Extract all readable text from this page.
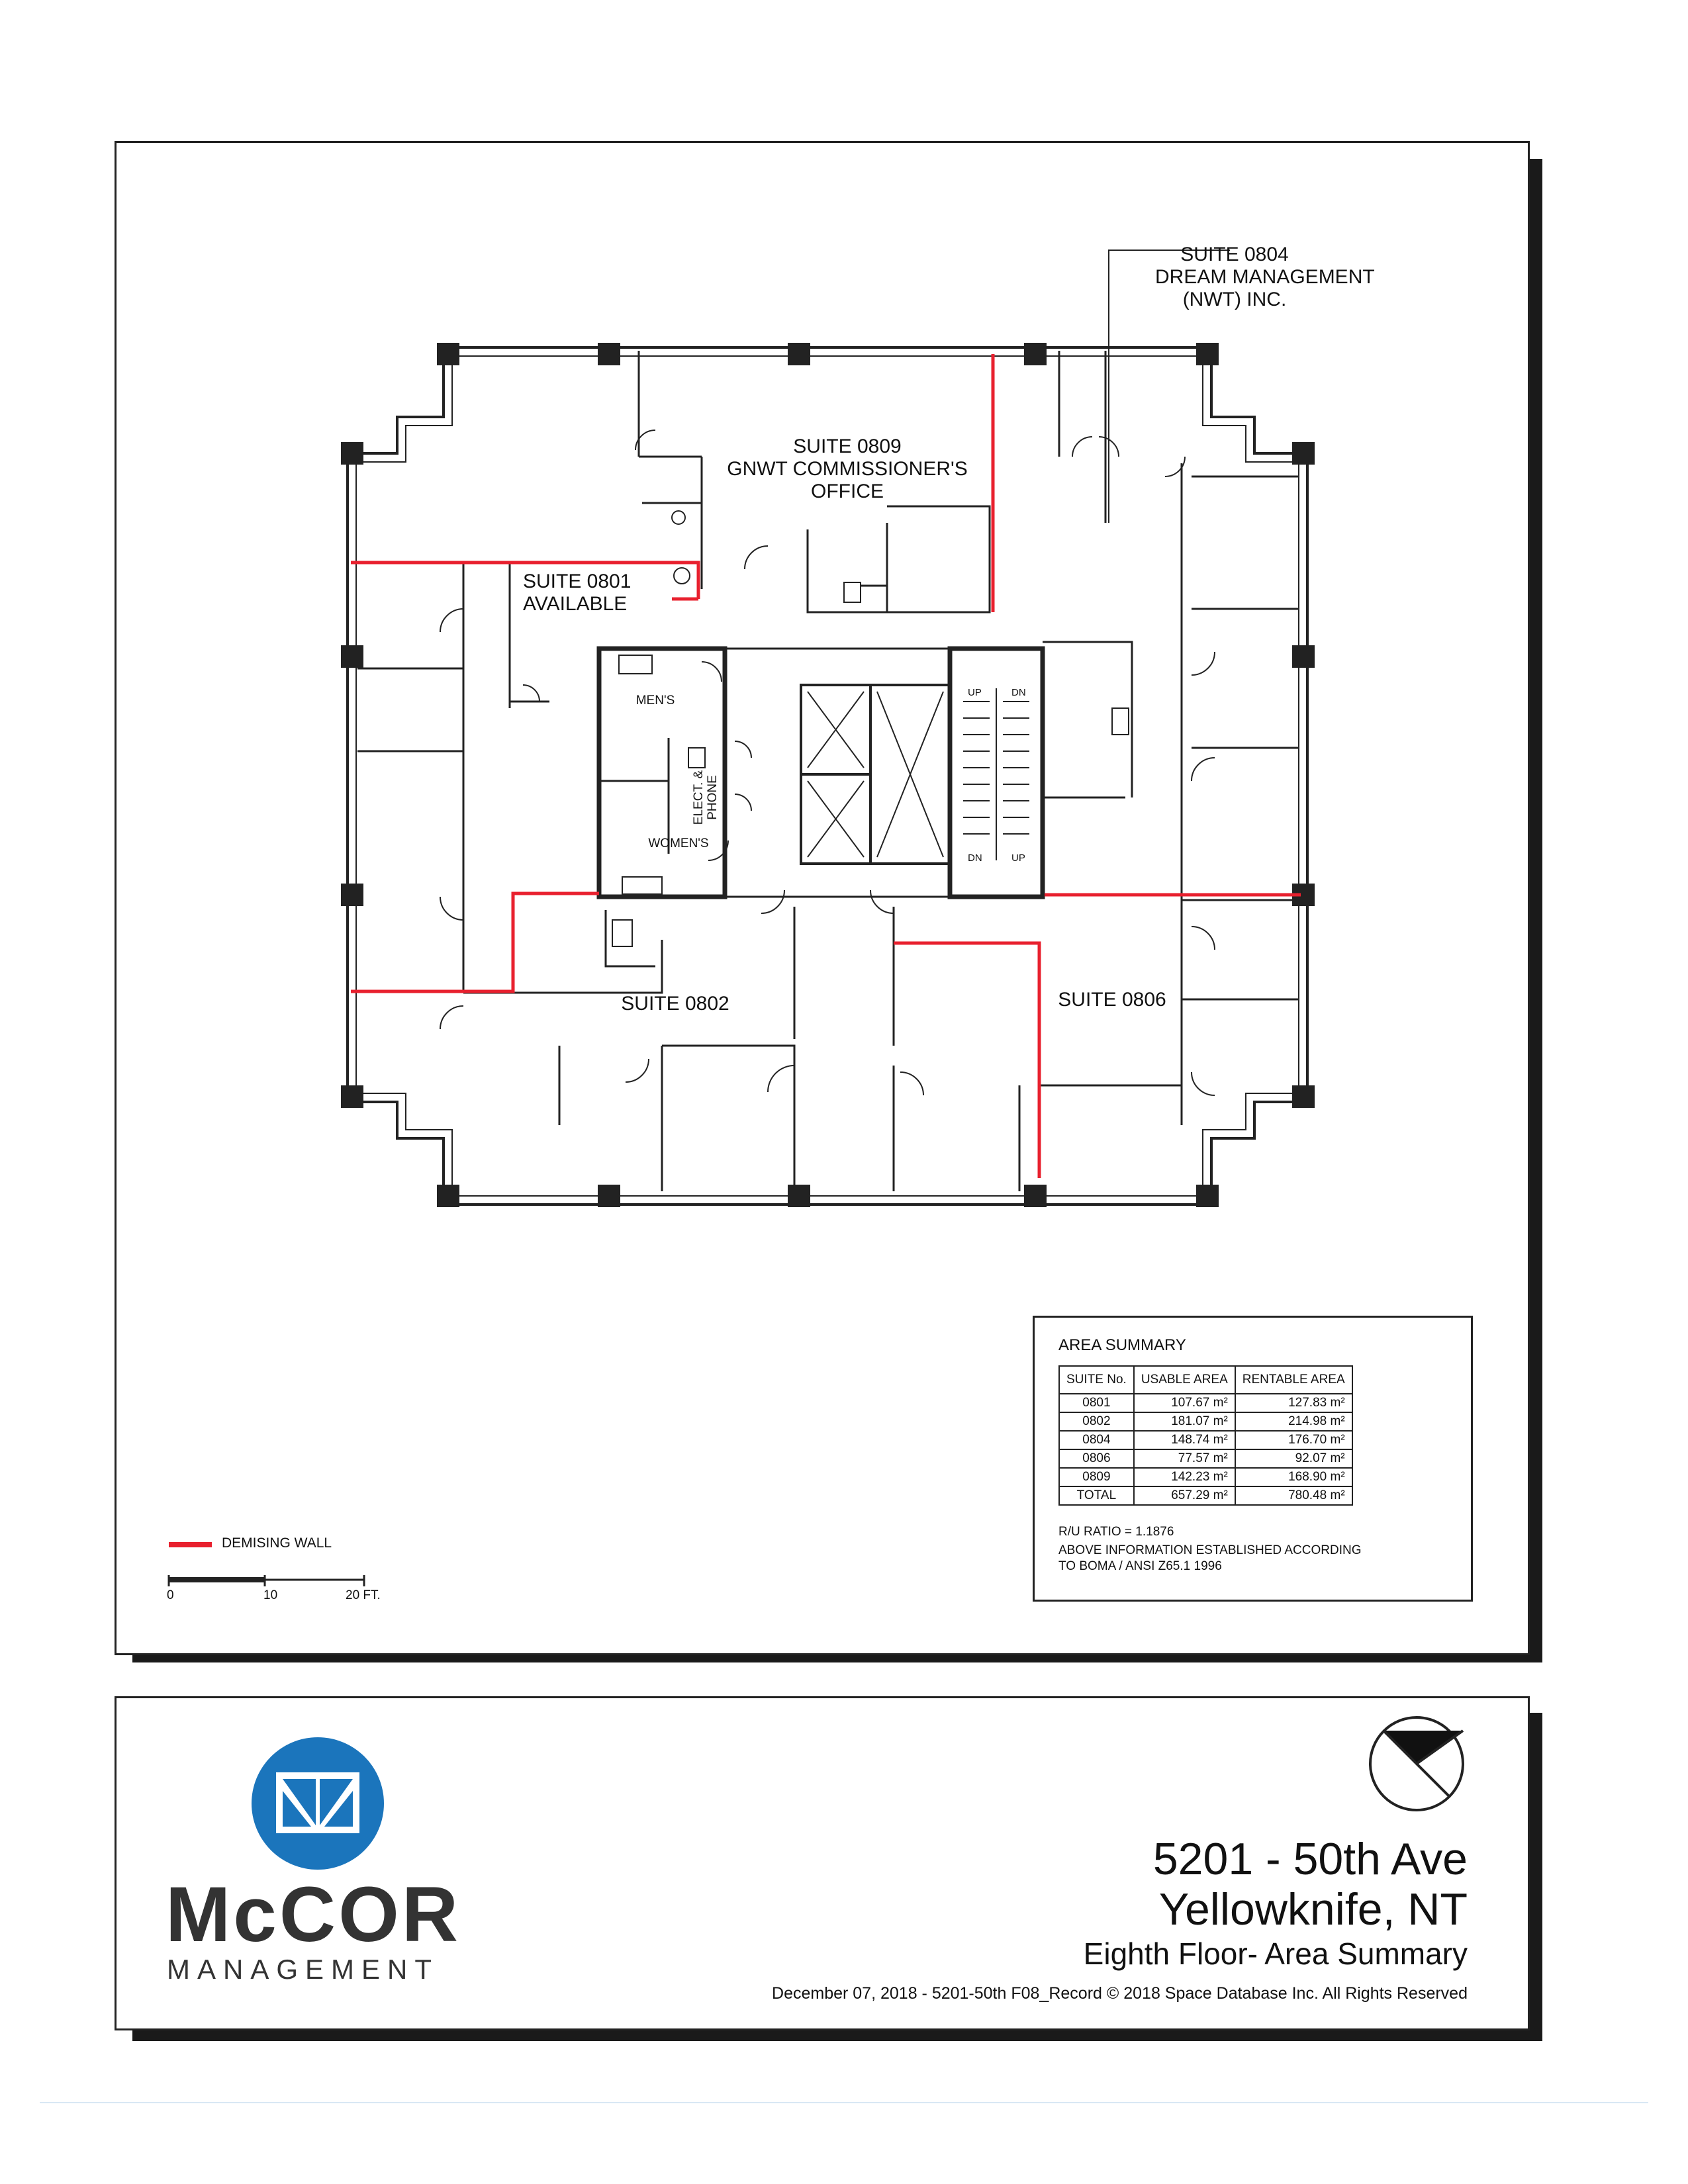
SUITE 0804
DREAM MANAGEMENT
(NWT) INC.
SUITE 0809
GNWT COMMISSIONER'S
OFFICE
SUITE 0801
AVAILABLE
SUITE 0802	SUITE 0806
MEN'S
WOMEN'S
ELECT. & PHONE
UP	DN
DN	UP
DEMISING WALL
0	10	20 FT.
AREA SUMMARY
SUITE No.	USABLE AREA	RENTABLE AREA
0801	107.67 m²	127.83 m²
0802	181.07 m²	214.98 m²
0804	148.74 m²	176.70 m²
0806	77.57 m²	92.07 m²
0809	142.23 m²	168.90 m²
TOTAL	657.29 m²	780.48 m²
R/U RATIO = 1.1876
ABOVE INFORMATION ESTABLISHED ACCORDING
TO BOMA / ANSI Z65.1 1996
McCOR
MANAGEMENT
5201 - 50th Ave
Yellowknife, NT
Eighth Floor- Area Summary
December 07, 2018 - 5201-50th F08_Record © 2018 Space Database Inc. All Rights Reserved
